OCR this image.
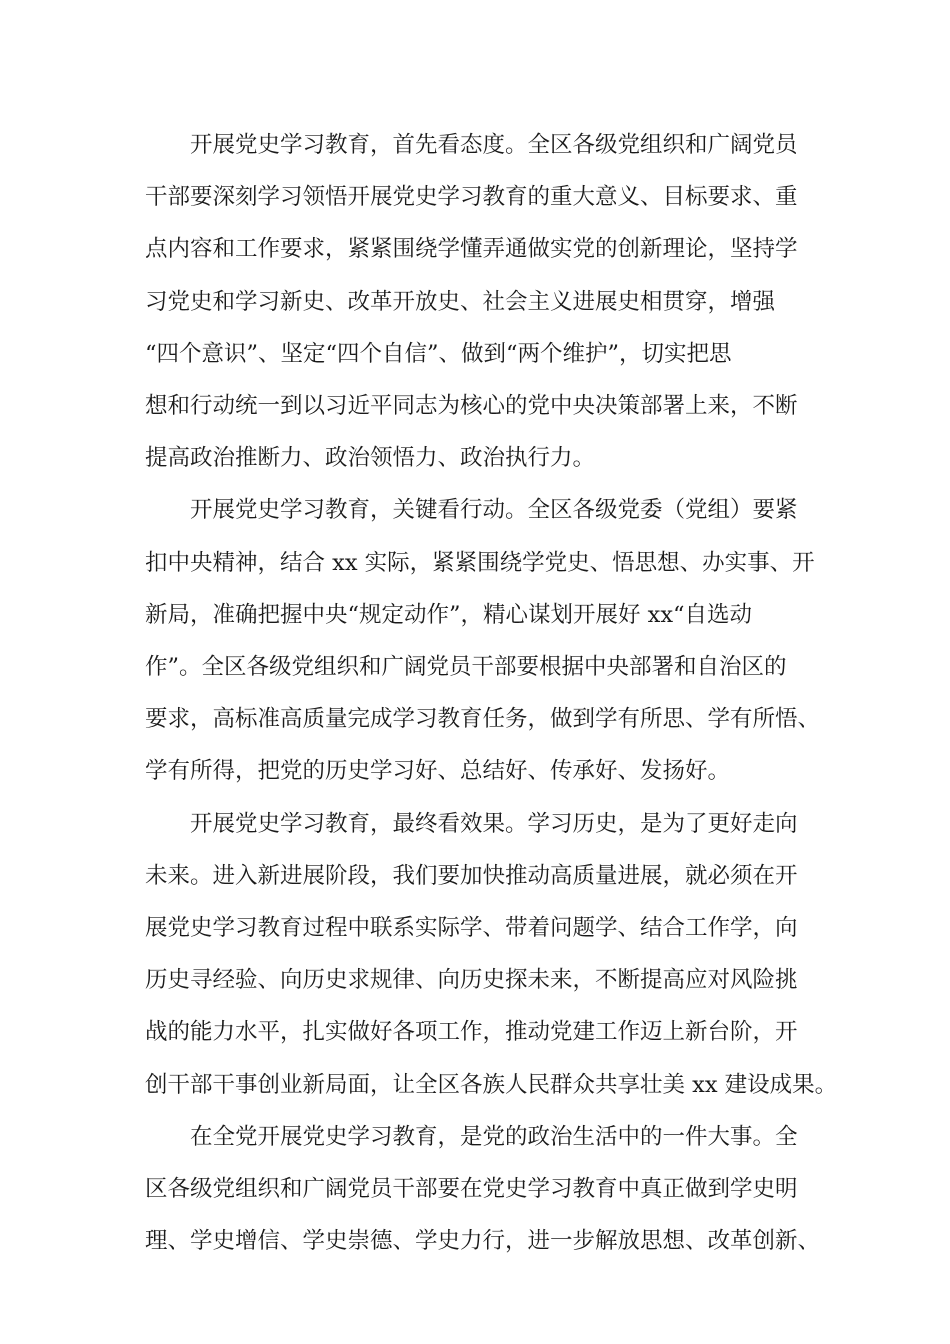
　　开展党史学习教育，首先看态度。全区各级党组织和广阔党员
干部要深刻学习领悟开展党史学习教育的重大意义、目标要求、重
点内容和工作要求，紧紧围绕学懂弄通做实党的创新理论，坚持学
习党史和学习新史、改革开放史、社会主义进展史相贯穿，增强
“四个意识”、坚定“四个自信”、做到“两个维护”，切实把思
想和行动统一到以习近平同志为核心的党中央决策部署上来，不断
提高政治推断力、政治领悟力、政治执行力。
　　开展党史学习教育，关键看行动。全区各级党委（党组）要紧
扣中央精神，结合 xx 实际，紧紧围绕学党史、悟思想、办实事、开
新局，准确把握中央“规定动作”，精心谋划开展好 xx“自选动
作”。全区各级党组织和广阔党员干部要根据中央部署和自治区的
要求，高标准高质量完成学习教育任务，做到学有所思、学有所悟、
学有所得，把党的历史学习好、总结好、传承好、发扬好。
　　开展党史学习教育，最终看效果。学习历史，是为了更好走向
未来。进入新进展阶段，我们要加快推动高质量进展，就必须在开
展党史学习教育过程中联系实际学、带着问题学、结合工作学，向
历史寻经验、向历史求规律、向历史探未来，不断提高应对风险挑
战的能力水平，扎实做好各项工作，推动党建工作迈上新台阶，开
创干部干事创业新局面，让全区各族人民群众共享壮美 xx 建设成果。
　　在全党开展党史学习教育，是党的政治生活中的一件大事。全
区各级党组织和广阔党员干部要在党史学习教育中真正做到学史明
理、学史增信、学史崇德、学史力行，进一步解放思想、改革创新、
